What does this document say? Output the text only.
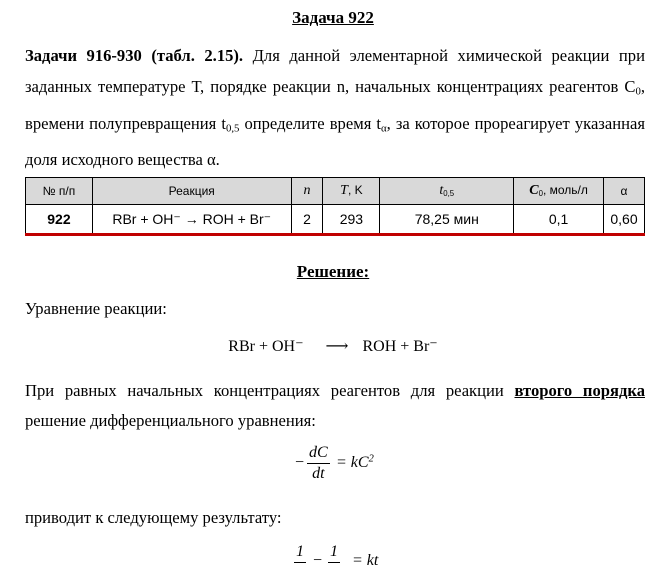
Задача 922
Задачи 916-930 (табл. 2.15). Для данной элементарной химической реакции при заданных температуре Т, порядке реакции n, начальных концентрациях реагентов $С_0$, времени полупревращения $t_{0,5}$ определите время $t_\alpha$, за которое прореагирует указанная доля исходного вещества α.
№ п/п	Реакция	n	T, K	$t_{0,5}$	$C_0$, моль/л	α
922	RBr + OH⁻ → ROH + Br⁻	2	293	78,25 мин	0,1	0,60
Решение:
Уравнение реакции:
RBr + OH⁻ ⟶ ROH + Br⁻
При равных начальных концентрациях реагентов для реакции второго порядка решение дифференциального уравнения:
− $\frac{dC}{dt} = kC^2$
приводит к следующему результату:
1
−
1
= kt
